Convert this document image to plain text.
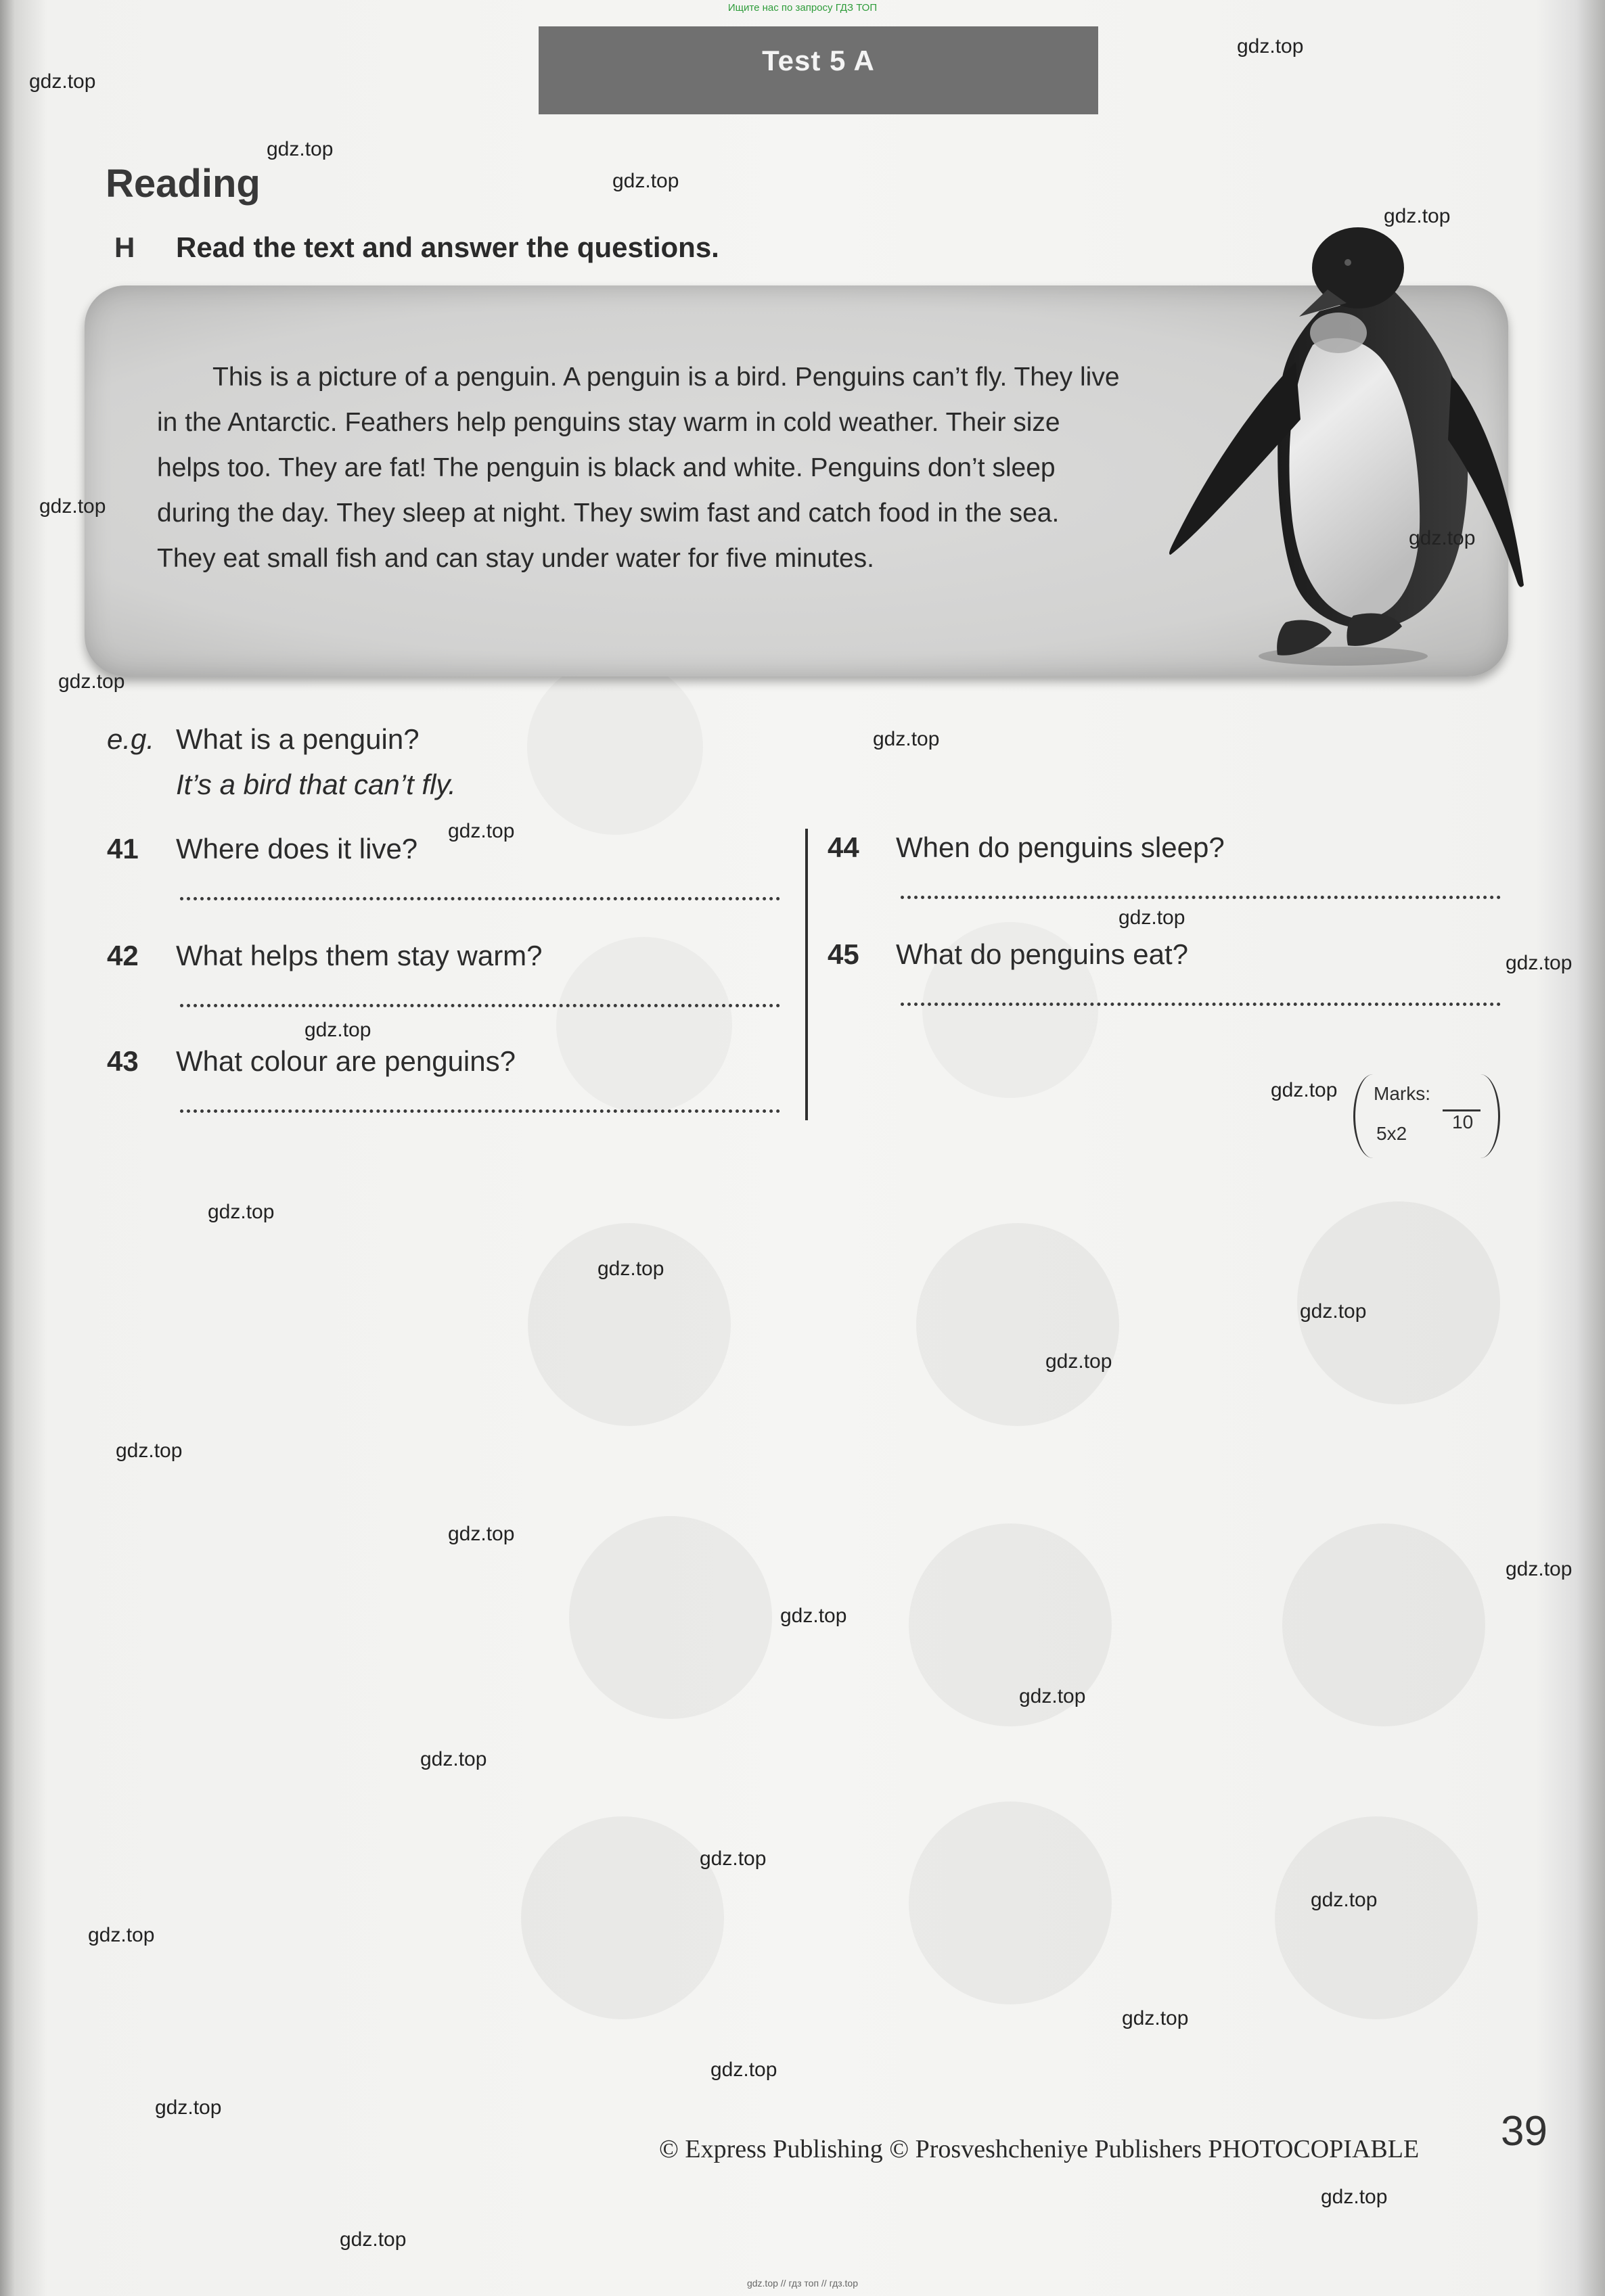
Ищите нас по запросу ГДЗ ТОП
Test 5 A
Reading
H Read the text and answer the questions.
This is a picture of a penguin. A penguin is a bird. Penguins can’t fly. They live
in the Antarctic. Feathers help penguins stay warm in cold weather. Their size
helps too. They are fat! The penguin is black and white. Penguins don’t sleep
during the day. They sleep at night. They swim fast and catch food in the sea.
They eat small fish and can stay under water for five minutes.
e.g. What is a penguin?
It’s a bird that can’t fly.
41 Where does it live?
42 What helps them stay warm?
43 What colour are penguins?
44 When do penguins sleep?
45 What do penguins eat?
Marks:
10
5x2
© Express Publishing © Prosveshcheniye Publishers PHOTOCOPIABLE 39
gdz.top
gdz.top
gdz.top
gdz.top
gdz.top
gdz.top
gdz.top
gdz.top
gdz.top
gdz.top
gdz.top
gdz.top
gdz.top
gdz.top
gdz.top
gdz.top
gdz.top
gdz.top
gdz.top
gdz.top
gdz.top
gdz.top
gdz.top
gdz.top
gdz.top
gdz.top
gdz.top
gdz.top
gdz.top
gdz.top
gdz.top
gdz.top
gdz.top // гдз топ // гдз.top
